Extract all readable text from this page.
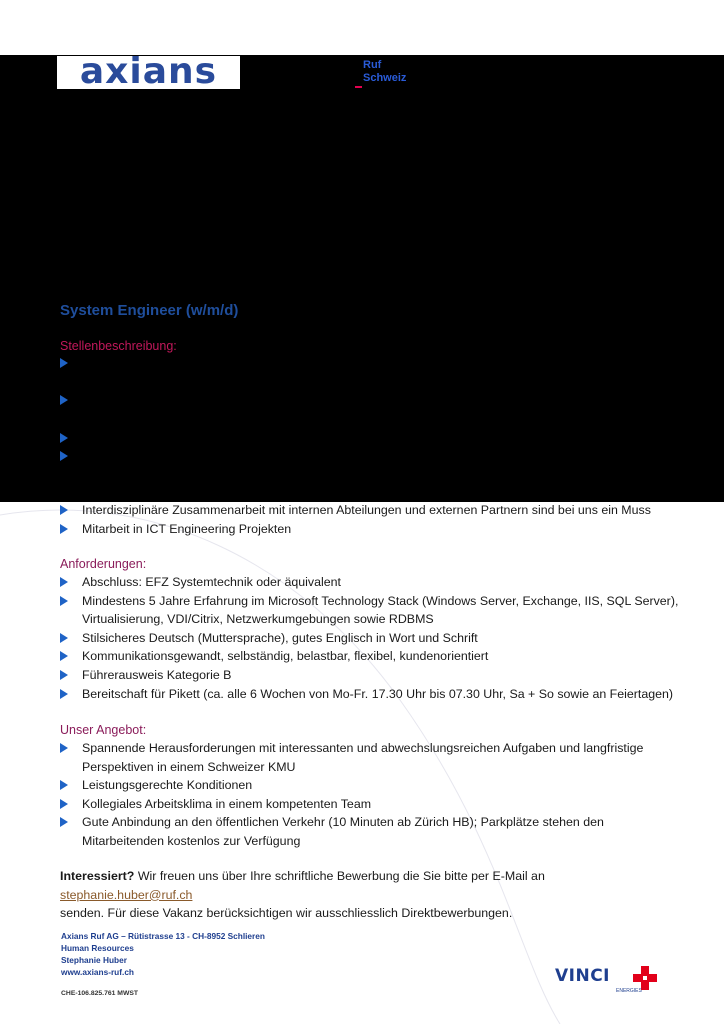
axians	Ruf
Schweiz
System Engineer (w/m/d)
Stellenbeschreibung:
Interdisziplinäre Zusammenarbeit mit internen Abteilungen und externen Partnern sind bei uns ein Muss
Mitarbeit in ICT Engineering Projekten
Anforderungen:
Abschluss: EFZ Systemtechnik oder äquivalent
Mindestens 5 Jahre Erfahrung im Microsoft Technology Stack (Windows Server, Exchange, IIS, SQL Server),
Virtualisierung, VDI/Citrix, Netzwerkumgebungen sowie RDBMS
Stilsicheres Deutsch (Muttersprache), gutes Englisch in Wort und Schrift
Kommunikationsgewandt, selbständig, belastbar, flexibel, kundenorientiert
Führerausweis Kategorie B
Bereitschaft für Pikett (ca. alle 6 Wochen von Mo-Fr. 17.30 Uhr bis 07.30 Uhr, Sa + So sowie an Feiertagen)
Unser Angebot:
Spannende Herausforderungen mit interessanten und abwechslungsreichen Aufgaben und langfristige
Perspektiven in einem Schweizer KMU
Leistungsgerechte Konditionen
Kollegiales Arbeitsklima in einem kompetenten Team
Gute Anbindung an den öffentlichen Verkehr (10 Minuten ab Zürich HB); Parkplätze stehen den
Mitarbeitenden kostenlos zur Verfügung
Interessiert? Wir freuen uns über Ihre schriftliche Bewerbung die Sie bitte per E-Mail an stephanie.huber@ruf.ch
senden. Für diese Vakanz berücksichtigen wir ausschliesslich Direktbewerbungen.
Axians Ruf AG – Rütistrasse 13 - CH-8952 Schlieren
Human Resources
Stephanie Huber
www.axians-ruf.ch
CHE-106.825.761 MWST
VINCI
ENERGIES
